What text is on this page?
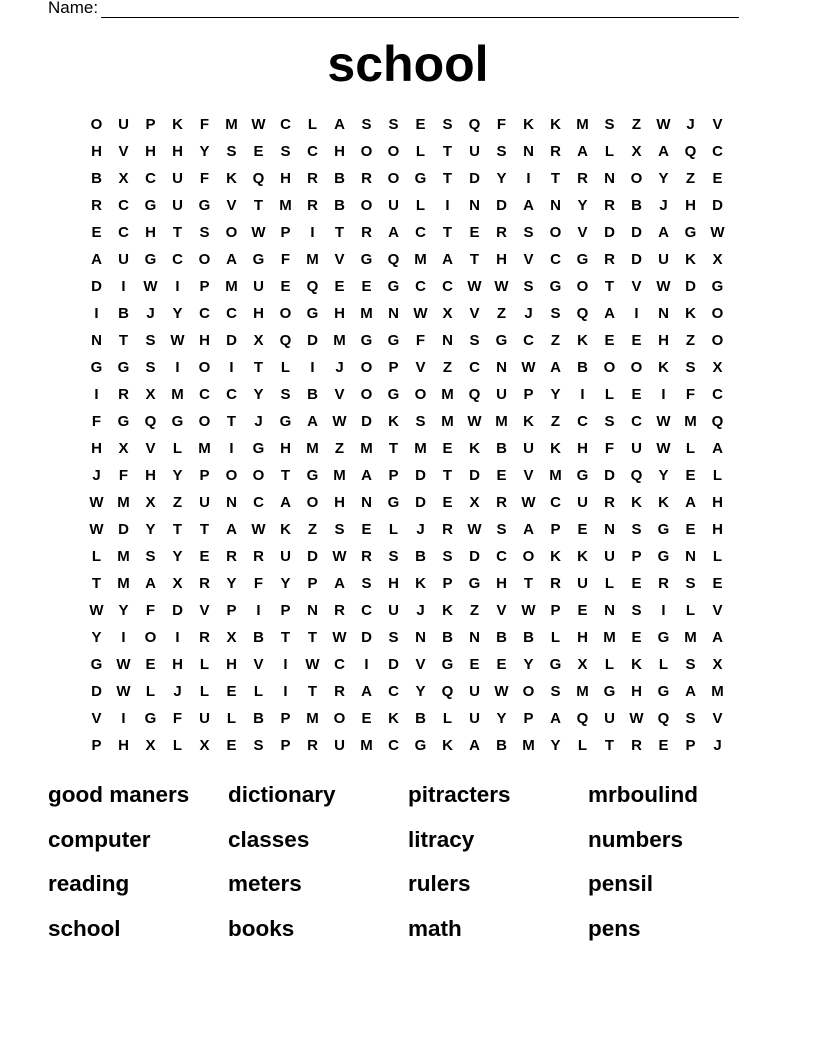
Name:
school
O	U	P	K	F	M W C	L	A	S	S	E	S	Q	F	K	K	M	S	Z	W	J	V
H	V	H	H	Y	S	E	S	C	H	O	O	L	T	U	S	N	R	A	L	X	A	Q	C
B	X	C	U	F	K	Q	H	R	B	R	O	G	T	D	Y	I	T	R	N	O	Y	Z	E
R	C	G	U	G	V	T	M	R	B	O	U	L	I	N	D	A	N	Y	R	B	J	H	D
E	C	H	T	S	O W P	I	T	R	A	C	T	E	R	S	O	V	D	D	A	G W
A	U	G	C	O	A	G	F	M	V	G	Q M	A	T	H	V	C	G	R	D	U	K	X
D	I	W	I	P	M	U	E	Q	E	E	G	C	C W W S	G	O	T	V W D	G
I	B	J	Y	C	C	H	O	G	H	M	N W X	V	Z	J	S	Q	A	I	N	K	O
N	T	S W H	D	X	Q	D	M G	G	F	N	S	G	C	Z	K	E	E	H	Z	O
G	G	S	I	O	I	T	L	I	J	O	P	V	Z	C	N W A	B	O	O	K	S	X
I	R	X	M	C	C	Y	S	B	V	O	G	O M Q	U	P	Y	I	L	E	I	F	C
F	G	Q	G	O	T	J	G	A W D	K	S	M W M	K	Z	C	S	C W M Q
H	X	V	L	M	I	G	H	M	Z	M	T	M	E	K	B	U	K	H	F	U W	L	A
J	F	H	Y	P	O	O	T	G M	A	P	D	T	D	E	V	M G	D	Q	Y	E	L
W M	X	Z	U	N	C	A	O	H	N	G	D	E	X	R W C	U	R	K	K	A	H
W D	Y	T	T	A W K	Z	S	E	L	J	R W S	A	P	E	N	S	G	E	H
L	M	S	Y	E	R	R	U	D W R	S	B	S	D	C	O	K	K	U	P	G	N	L
T	M	A	X	R	Y	F	Y	P	A	S	H	K	P	G	H	T	R	U	L	E	R	S	E
W Y	F	D	V	P	I	P	N	R	C	U	J	K	Z	V W P	E	N	S	I	L	V
Y	I	O	I	R	X	B	T	T	W D	S	N	B	N	B	B	L	H	M	E	G M	A
G W E	H	L	H	V	I	W C	I	D	V	G	E	E	Y	G	X	L	K	L	S	X
D W	L	J	L	E	L	I	T	R	A	C	Y	Q	U W O	S	M G	H	G	A	M
V	I	G	F	U	L	B	P	M O	E	K	B	L	U	Y	P	A	Q	U W Q	S	V
P	H	X	L	X	E	S	P	R	U	M	C	G	K	A	B	M	Y	L	T	R	E	P	J
good maners	dictionary	pitracters	mrboulind
computer	classes	litracy	numbers
reading	meters	rulers	pensil
school	books	math	pens
